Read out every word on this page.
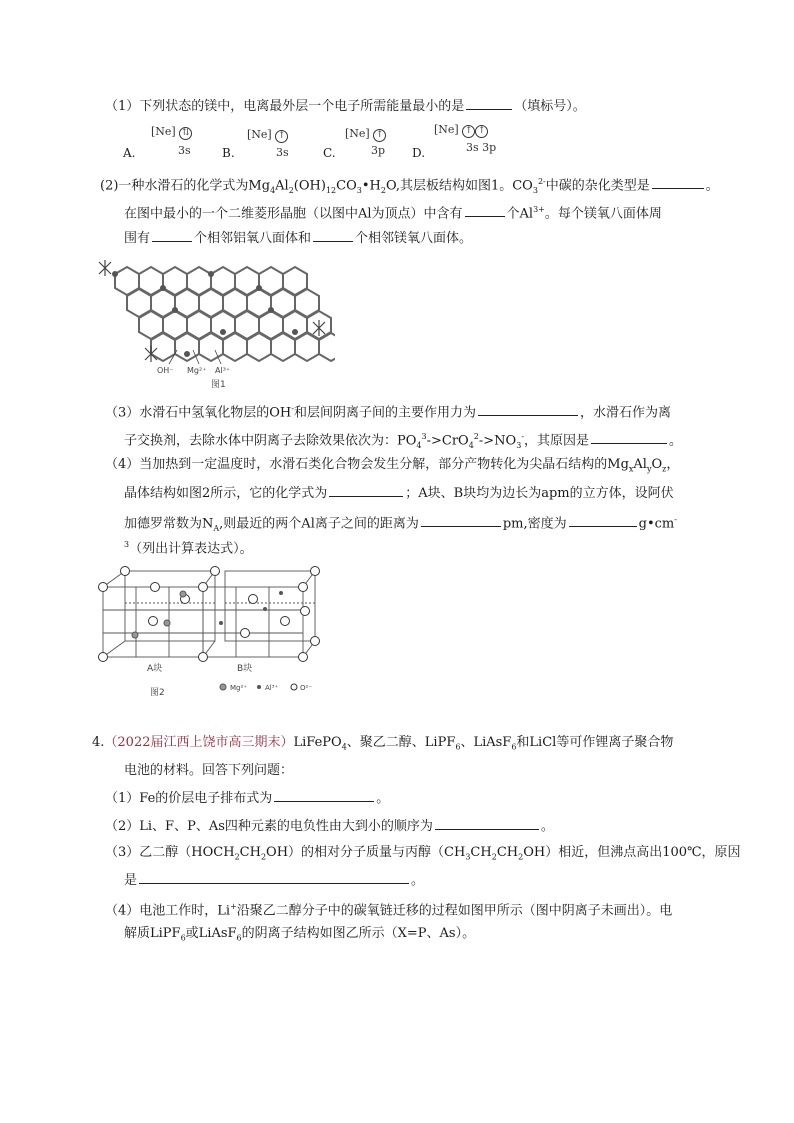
（1）下列状态的镁中，电离最外层一个电子所需能量最小的是	（填标号）。
A.
[Ne] ⇅
3s	B.
[Ne] ↑
3s	C.
[Ne] ↑
3p D.
[Ne] ↑ ↑
3s 3p
(2)一种水滑石的化学式为$Mg_4Al_2(OH)_{12}CO_3•H_2O$,其层板结构如图1。$CO_3^{2-}$中碳的杂化类型是	。
在图中最小的一个二维菱形晶胞（以图中Al为顶点）中含有	个$Al^{3+}$。每个镁氧八面体周
围有	个相邻铝氧八面体和	个相邻镁氧八面体。
OH⁻ Mg²⁺ Al³⁺
图1
（3）水滑石中氢氧化物层的OH-和层间阴离子间的主要作用力为	，水滑石作为离
子交换剂，去除水体中阴离子去除效果依次为：$PO_4^3->CrO_4^2->NO_3^-$，其原因是	。
（4）当加热到一定温度时，水滑石类化合物会发生分解，部分产物转化为尖晶石结构的$Mg_xAl_yO_z$，
晶体结构如图2所示，它的化学式为	；A块、B块均为边长为apm的立方体，设阿伏
加德罗常数为$N_A$,则最近的两个Al离子之间的距离为	pm,密度为	g•cm-
$^3$（列出计算表达式）。
A块	B块
Mg²⁺	Al³⁺	O²⁻
图2
4.（2022届江西上饶市高三期末）LiFePO$_4$、聚乙二醇、LiPF$_6$、LiAsF$_6$和LiCl等可作锂离子聚合物
电池的材料。回答下列问题：
（1）Fe的价层电子排布式为	。
（2）Li、F、P、As四种元素的电负性由大到小的顺序为	。
（3）乙二醇$(HOCH_2CH_2OH)$的相对分子质量与丙醇$(CH_3CH_2CH_2OH)$相近，但沸点高出100℃，原因
是	。
（4）电池工作时，Li+沿聚乙二醇分子中的碳氧链迁移的过程如图甲所示（图中阴离子未画出）。电
解质LiPF$_6$或LiAsF$_6$的阴离子结构如图乙所示（X=P、As）。
